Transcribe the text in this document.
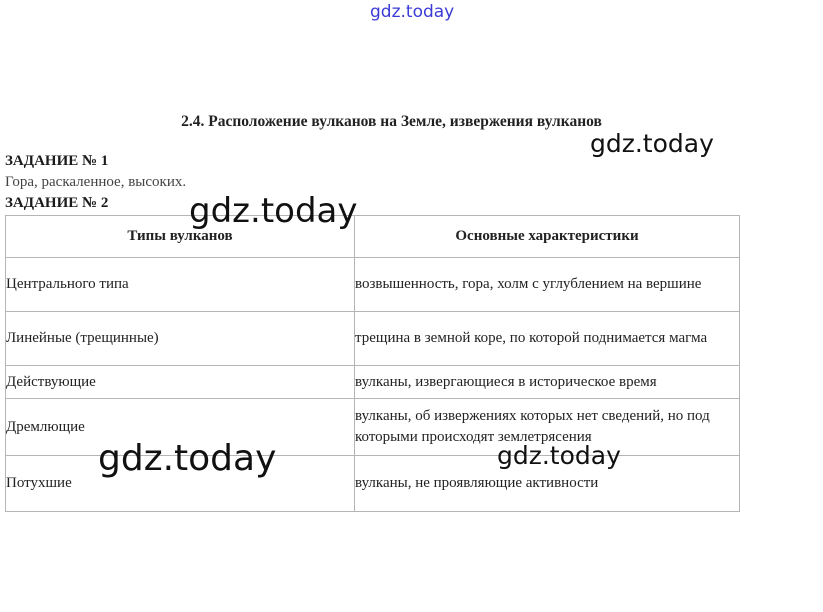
gdz.today
2.4. Расположение вулканов на Земле, извержения вулканов
ЗАДАНИЕ № 1
Гора, раскаленное, высоких.
ЗАДАНИЕ № 2
Типы вулканов	Основные характеристики
Центрального типа	возвышенность, гора, холм с углублением на вершине
Линейные (трещинные)	трещина в земной коре, по которой поднимается магма
Действующие	вулканы, извергающиеся в историческое время
Дремлющие	вулканы, об извержениях которых нет сведений, но под которыми происходят землетрясения
Потухшие	вулканы, не проявляющие активности
gdz.today
gdz.today
gdz.today	gdz.today
